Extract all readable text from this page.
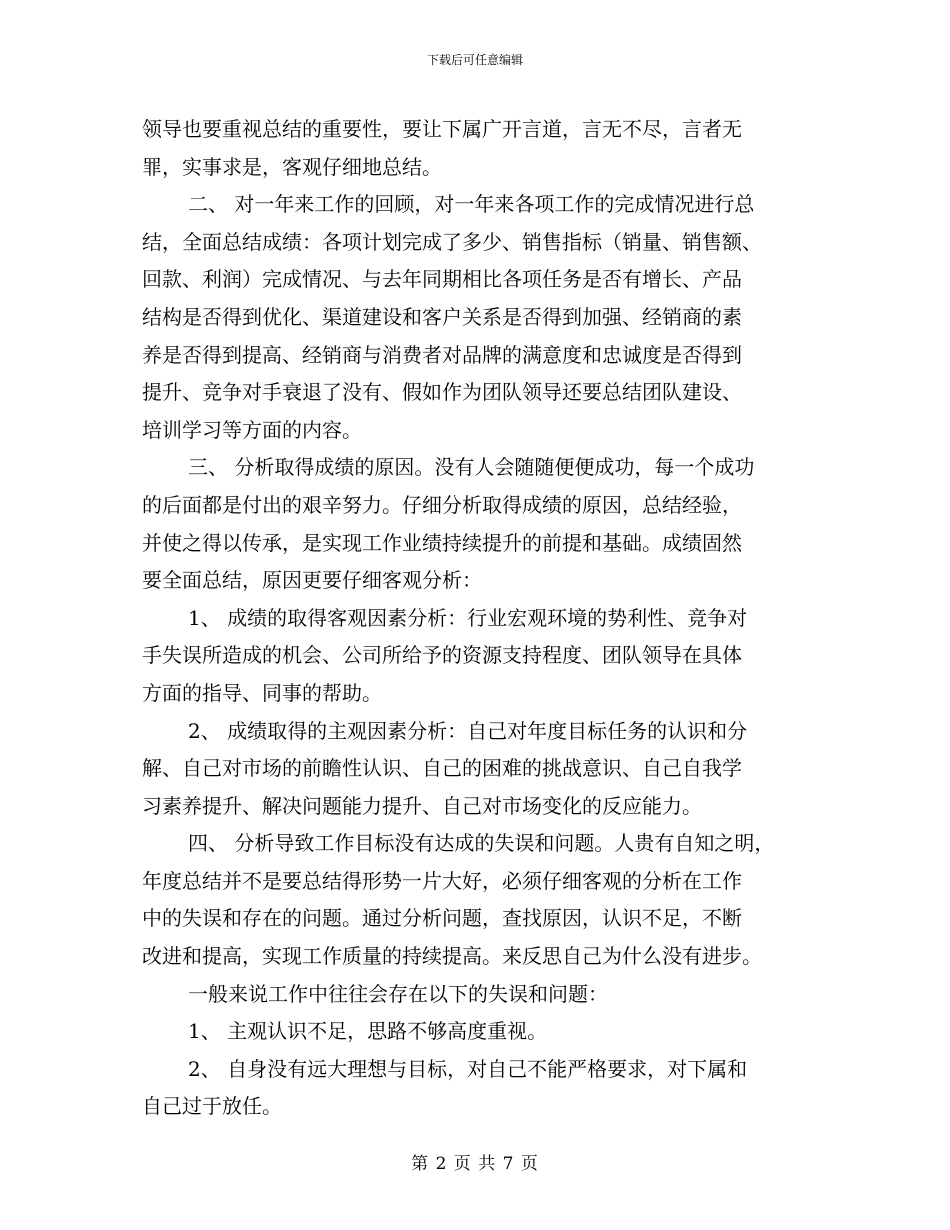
下载后可任意编辑
领导也要重视总结的重要性，要让下属广开言道，言无不尽，言者无
罪，实事求是，客观仔细地总结。
二、 对一年来工作的回顾，对一年来各项工作的完成情况进行总
结，全面总结成绩：各项计划完成了多少、销售指标（销量、销售额、
回款、利润）完成情况、与去年同期相比各项任务是否有增长、产品
结构是否得到优化、渠道建设和客户关系是否得到加强、经销商的素
养是否得到提高、经销商与消费者对品牌的满意度和忠诚度是否得到
提升、竞争对手衰退了没有、假如作为团队领导还要总结团队建设、
培训学习等方面的内容。
三、 分析取得成绩的原因。没有人会随随便便成功，每一个成功
的后面都是付出的艰辛努力。仔细分析取得成绩的原因，总结经验，
并使之得以传承，是实现工作业绩持续提升的前提和基础。成绩固然
要全面总结，原因更要仔细客观分析：
1、 成绩的取得客观因素分析：行业宏观环境的势利性、竞争对
手失误所造成的机会、公司所给予的资源支持程度、团队领导在具体
方面的指导、同事的帮助。
2、 成绩取得的主观因素分析：自己对年度目标任务的认识和分
解、自己对市场的前瞻性认识、自己的困难的挑战意识、自己自我学
习素养提升、解决问题能力提升、自己对市场变化的反应能力。
四、 分析导致工作目标没有达成的失误和问题。人贵有自知之明，
年度总结并不是要总结得形势一片大好，必须仔细客观的分析在工作
中的失误和存在的问题。通过分析问题，查找原因，认识不足，不断
改进和提高，实现工作质量的持续提高。来反思自己为什么没有进步。
一般来说工作中往往会存在以下的失误和问题：
1、 主观认识不足，思路不够高度重视。
2、 自身没有远大理想与目标，对自己不能严格要求，对下属和
自己过于放任。
第 2 页 共 7 页
